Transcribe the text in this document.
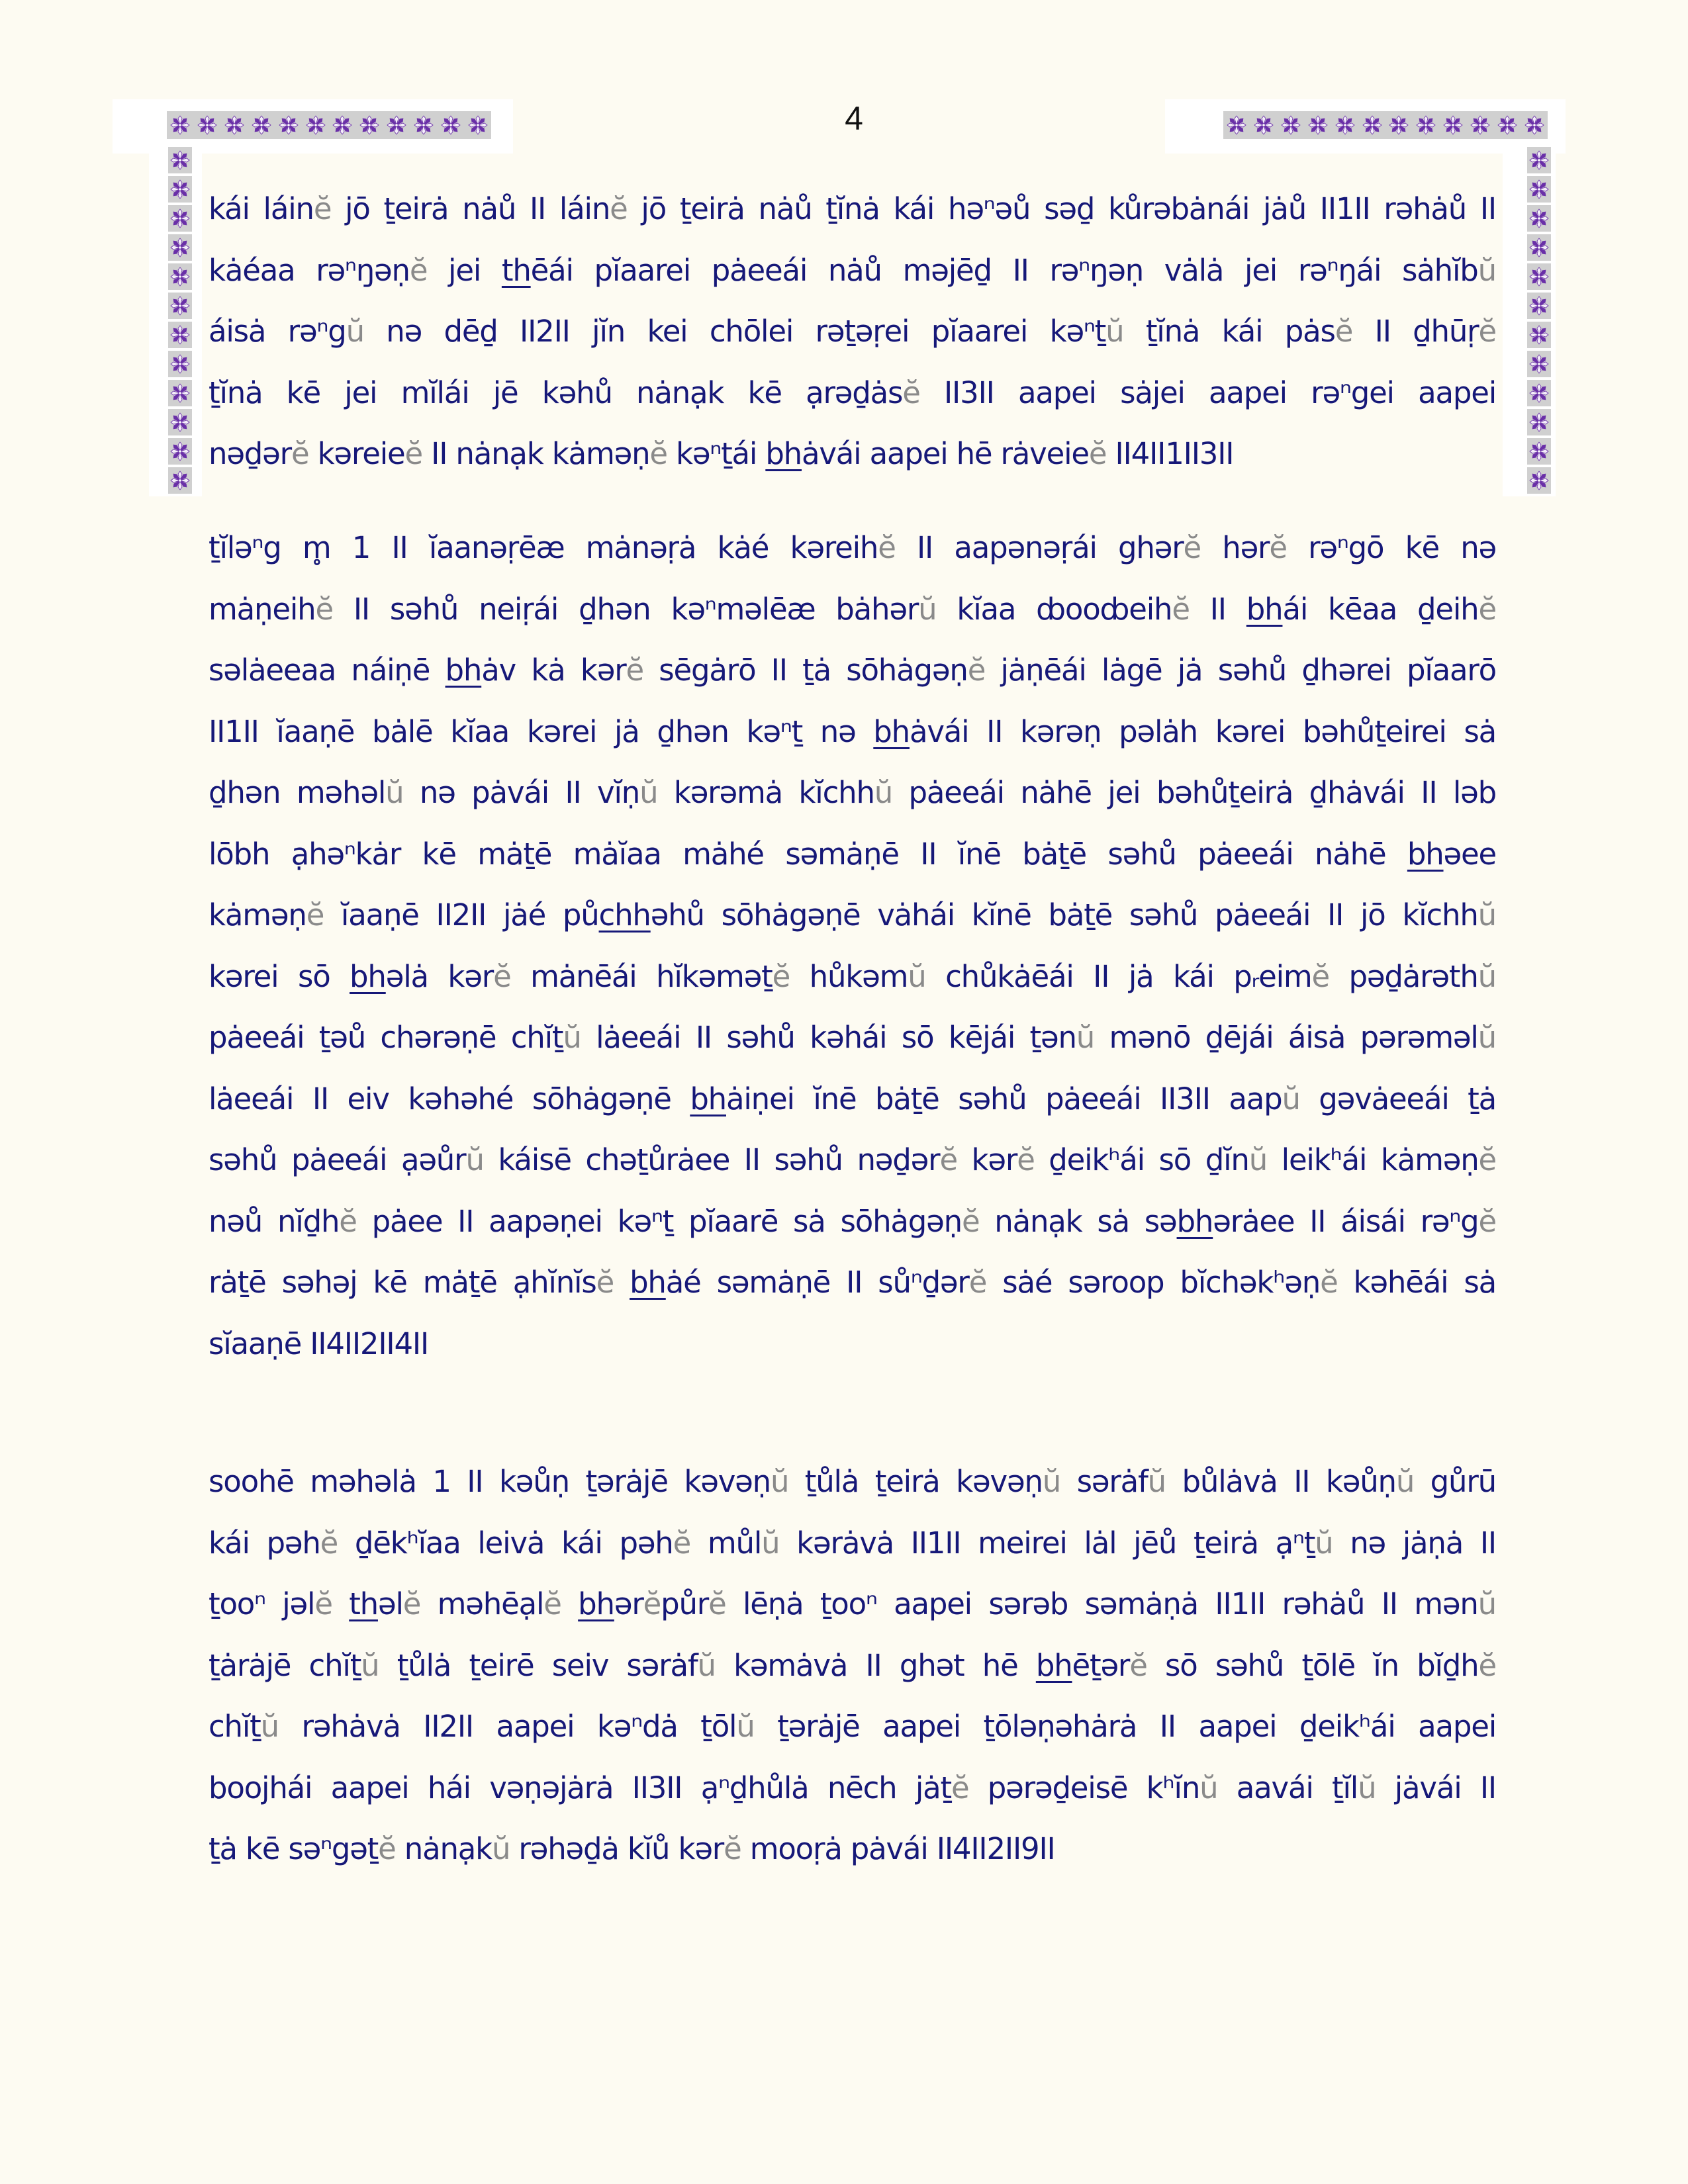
4
kái láinĕ jō ṯeirȧ nȧů II láinĕ jō ṯeirȧ nȧů ṯĭnȧ kái həⁿəů səḏ kůrəbȧnái jȧů II1II rəhȧů II
kȧéaa rəⁿŋəṇĕ jei thēái pĭaarei pȧeeái nȧů məjēḏ II rəⁿŋəṇ vȧlȧ jei rəⁿŋái sȧhĭbŭ
áisȧ rəⁿgŭ nə dēḏ II2II jĭn kei chōlei rəṯəṛei pĭaarei kəⁿṯŭ ṯĭnȧ kái pȧsĕ II ḏhūṛĕ
ṯĭnȧ kē jei mĭlái jē kəhů nȧnạk kē ạrəḏȧsĕ II3II aapei sȧjei aapei rəⁿgei aapei
nəḏərĕ kəreieĕ II nȧnạk kȧməṇĕ kəⁿṯái bhȧvái aapei hē rȧveieĕ II4II1II3II
ṯĭləⁿg m̥ 1 II ĭaanəṛēæ mȧnəṛȧ kȧé kəreihĕ II aapənəṛái ghərĕ hərĕ rəⁿgō kē nə
mȧṇeihĕ II səhů neiṛái ḏhən kəⁿməlēæ bȧhərŭ kĭaa ȸooȸeihĕ II bhái kēaa ḏeihĕ
səlȧeeaa náiṇē bhȧv kȧ kərĕ sēgȧrō II ṯȧ sōhȧgəṇĕ jȧṇēái lȧgē jȧ səhů ḏhərei pĭaarō
II1II ĭaaṇē bȧlē kĭaa kərei jȧ ḏhən kəⁿṯ nə bhȧvái II kərəṇ pəlȧh kərei bəhůṯeirei sȧ
ḏhən məhəlŭ nə pȧvái II vĭṇŭ kərəmȧ kĭchhŭ pȧeeái nȧhē jei bəhůṯeirȧ ḏhȧvái II ləb
lōbh ạhəⁿkȧr kē mȧṯē mȧĭaa mȧhé səmȧṇē II ĭnē bȧṯē səhů pȧeeái nȧhē bhəee
kȧməṇĕ ĭaaṇē II2II jȧé půchhəhů sōhȧgəṇē vȧhái kĭnē bȧṯē səhů pȧeeái II jō kĭchhŭ
kərei sō bhəlȧ kərĕ mȧnēái hĭkəməṯĕ hůkəmŭ chůkȧēái II jȧ kái pᵣeimĕ pəḏȧrəthŭ
pȧeeái ṯəů chərəṇē chĭṯŭ lȧeeái II səhů kəhái sō kējái ṯənŭ mənō ḏējái áisȧ pərəməlŭ
lȧeeái II eiv kəhəhé sōhȧgəṇē bhȧiṇei ĭnē bȧṯē səhů pȧeeái II3II aapŭ gəvȧeeái ṯȧ
səhů pȧeeái ạəůrŭ káisē chəṯůrȧee II səhů nəḏərĕ kərĕ ḏeikʰái sō ḏĭnŭ leikʰái kȧməṇĕ
nəů nĭḏhĕ pȧee II aapəṇei kəⁿṯ pĭaarē sȧ sōhȧgəṇĕ nȧnạk sȧ səbhərȧee II áisái rəⁿgĕ
rȧṯē səhəj kē mȧṯē ạhĭnĭsĕ bhȧé səmȧṇē II sůⁿḏərĕ sȧé səroop bĭchəkʰəṇĕ kəhēái sȧ
sĭaaṇē II4II2II4II
soohē məhəlȧ 1 II kəůṇ ṯərȧjē kəvəṇŭ ṯůlȧ ṯeirȧ kəvəṇŭ sərȧfŭ bůlȧvȧ II kəůṇŭ gůrū
kái pəhĕ ḏēkʰĭaa leivȧ kái pəhĕ můlŭ kərȧvȧ II1II meirei lȧl jēů ṯeirȧ ạⁿṯŭ nə jȧṇȧ II
ṯooⁿ jəlĕ thəlĕ məhēạlĕ bhərĕpůrĕ lēṇȧ ṯooⁿ aapei sərəb səmȧṇȧ II1II rəhȧů II mənŭ
ṯȧrȧjē chĭṯŭ ṯůlȧ ṯeirē seiv sərȧfŭ kəmȧvȧ II ghət hē bhēṯərĕ sō səhů ṯōlē ĭn bĭḏhĕ
chĭṯŭ rəhȧvȧ II2II aapei kəⁿdȧ ṯōlŭ ṯərȧjē aapei ṯōləṇəhȧrȧ II aapei ḏeikʰái aapei
boojhái aapei hái vəṇəjȧrȧ II3II ạⁿḏhůlȧ nēch jȧṯĕ pərəḏeisē kʰĭnŭ aavái ṯĭlŭ jȧvái II
ṯȧ kē səⁿgəṯĕ nȧnạkŭ rəhəḏȧ kĭů kərĕ mooṛȧ pȧvái II4II2II9II
